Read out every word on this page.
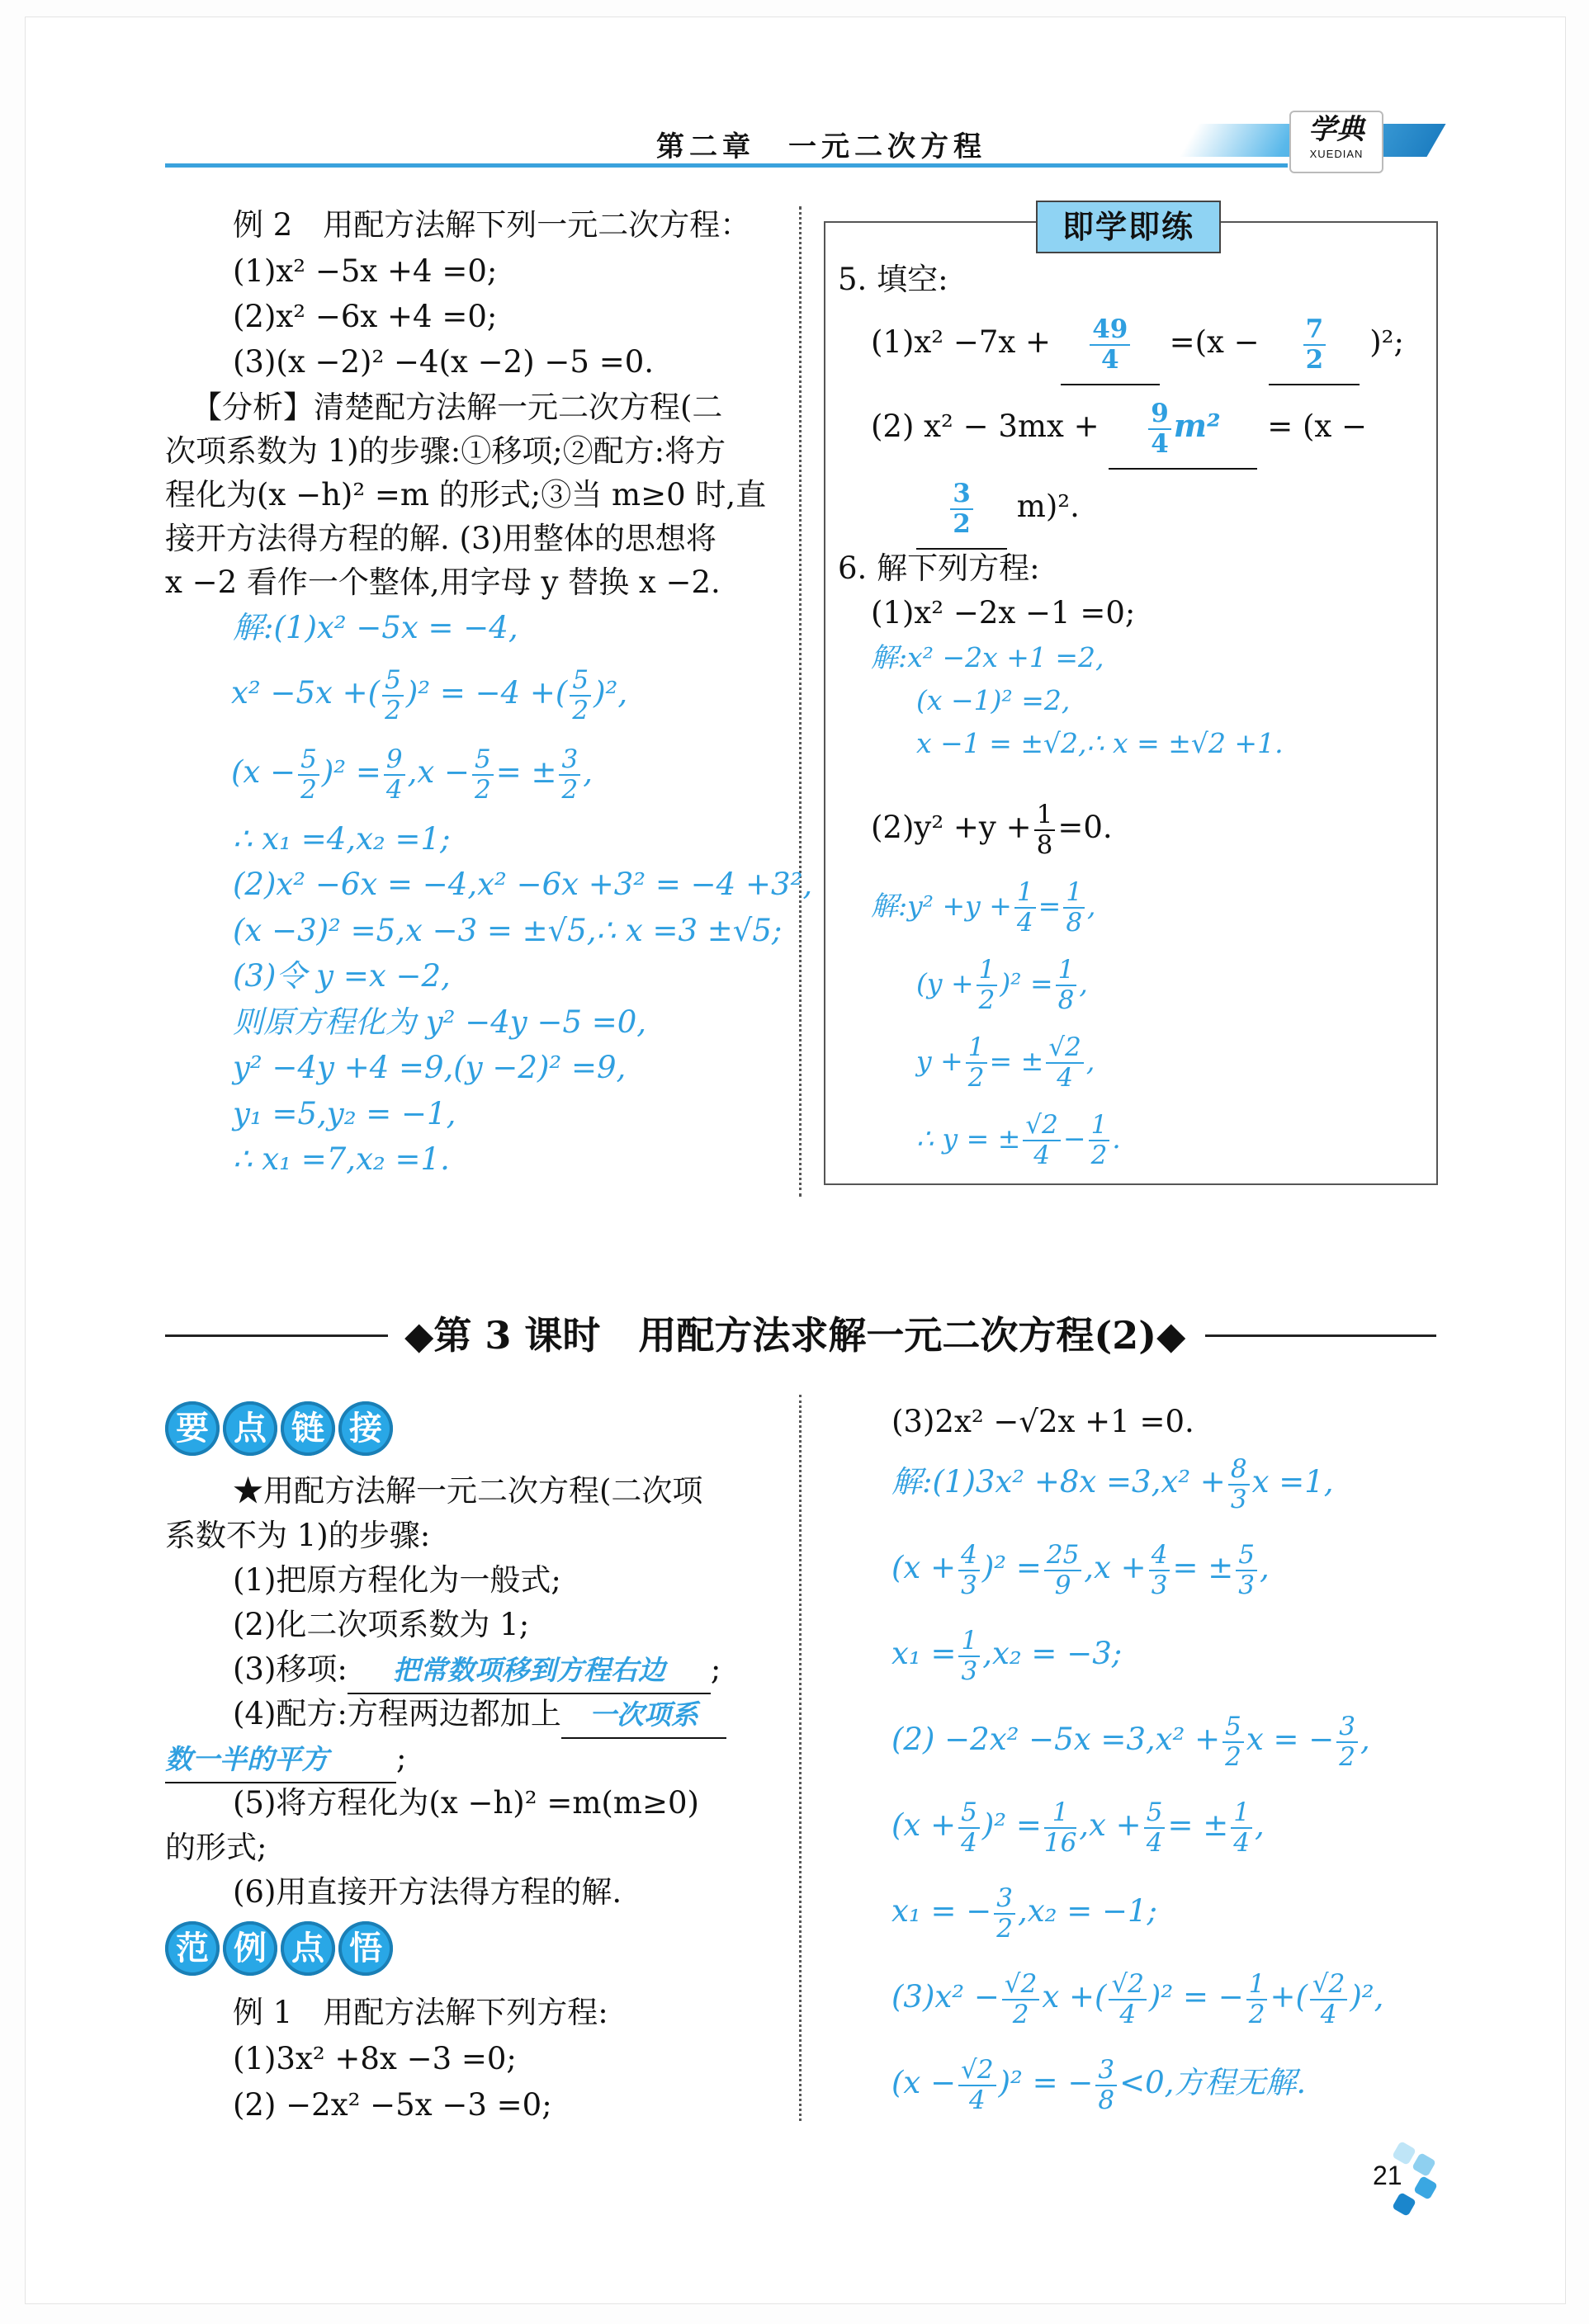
第二章　一元二次方程
学典
XUEDIAN
例 2　用配方法解下列一元二次方程：
(1)x² −5x +4 =0;
(2)x² −6x +4 =0;
(3)(x −2)² −4(x −2) −5 =0.
【分析】清楚配方法解一元二次方程(二
次项系数为 1)的步骤:①移项;②配方:将方
程化为(x −h)² =m 的形式;③当 m≥0 时,直
接开方法得方程的解. (3)用整体的思想将
x −2 看作一个整体,用字母 y 替换 x −2.
解:(1)x² −5x = −4,
x² −5x +( $\frac{5}{2} )^2 = -4$ +( $\frac{5}{2} )^2$,
$(x - \frac{5}{2} )^2 = \frac{9}{4} ,x - \frac{5}{2}$ = ± $\frac{3}{2}$ ,
∴ x₁ =4,x₂ =1;
(2)x² −6x = −4,x² −6x +3² = −4 +3²,
(x −3)² =5,x −3 = ±√5,∴ x =3 ±√5;
(3)令 y =x −2,
则原方程化为 y² −4y −5 =0,
y² −4y +4 =9,(y −2)² =9,
y₁ =5,y₂ = −1,
∴ x₁ =7,x₂ =1.
即学即练
5. 填空:
$(1)x^2 -7x + \frac{49}{4} =(x - \frac{7}{2} )^2$;
(2) $x^2 - 3mx + \frac{9}{4} m^2 = (x$ −
$\frac{3}{2} m)^2$.
6. 解下列方程:
(1)x² −2x −1 =0;
解:x² −2x +1 =2,
(x −1)² =2,
x −1 = ±√2,∴ x = ±√2 +1.
$(2)y^2 +y + \frac{1}{8} =0$.
解:y² $+y + \frac{1}{4} = \frac{1}{8}$ ,
$(y + \frac{1}{2} )^2 = \frac{1}{8}$ ,
$y + \frac{1}{2}$ = ± $\frac{√2}{4}$ ,
∴ y = ± $\frac{√2}{4} - \frac{1}{2}$ .
◆第 3 课时　用配方法求解一元二次方程(2)◆
要 点 链 接
★用配方法解一元二次方程(二次项
系数不为 1)的步骤:
(1)把原方程化为一般式;
(2)化二次项系数为 1;
(3)移项: 把常数项移到方程右边 ;
(4)配方:方程两边都加上 一次项系
数一半的平方 ;
(5)将方程化为(x −h)² =m(m≥0)
的形式;
(6)用直接开方法得方程的解.
范 例 点 悟
例 1　用配方法解下列方程:
(1)3x² +8x −3 =0;
(2) −2x² −5x −3 =0;
(3)2x² −√2x +1 =0.
解:(1)3x² $+8x =3,x^2 + \frac{8}{3}$ x =1,
$(x + \frac{4}{3} )^2 = \frac{25}{9} ,x + \frac{4}{3}$ = ± $\frac{5}{3}$ ,
$x_1 = \frac{1}{3} ,x_2 = -3$;
$(2) -2x^2 -5x =3,x^2 + \frac{5}{2}$ x = − $\frac{3}{2}$ ,
$(x + \frac{5}{4} )^2 = \frac{1}{16} ,x + \frac{5}{4}$ = ± $\frac{1}{4}$ ,
x₁ = − $\frac{3}{2} ,x_2 = -1$;
$(3)x^2 - \frac{√2}{2}$ x +( $\frac{√2}{4} )^2$ = − $\frac{1}{2}$ +( $\frac{√2}{4} )^2$,
$(x - \frac{√2}{4} )^2$ = − $\frac{3}{8} <0$,方程无解.
21
